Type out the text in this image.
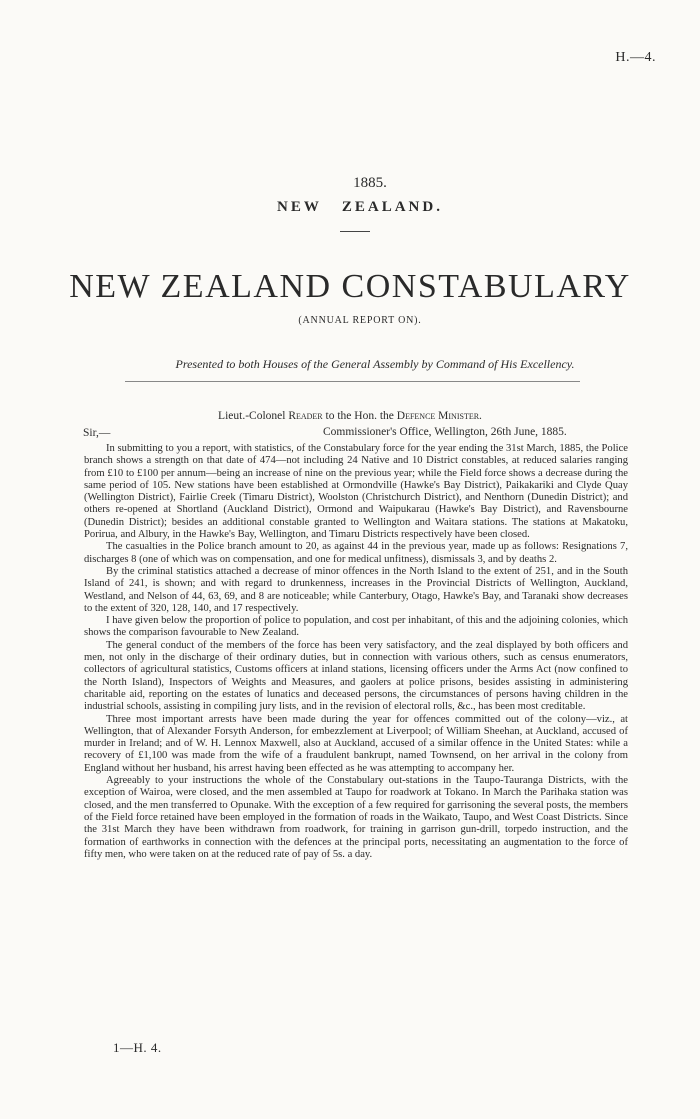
H.—4.
1885.
NEW   ZEALAND.
NEW ZEALAND CONSTABULARY
(ANNUAL REPORT ON).
Presented to both Houses of the General Assembly by Command of His Excellency.
Lieut.-Colonel Reader to the Hon. the Defence Minister.
Sir,—	Commissioner's Office, Wellington, 26th June, 1885.

In submitting to you a report, with statistics, of the Constabulary force for the year ending the 31st March, 1885, the Police branch shows a strength on that date of 474—not including 24 Native and 10 District constables, at reduced salaries ranging from £10 to £100 per annum—being an increase of nine on the previous year; while the Field force shows a decrease during the same period of 105. New stations have been established at Ormondville (Hawke's Bay District), Paikakariki and Clyde Quay (Wellington District), Fairlie Creek (Timaru District), Woolston (Christchurch District), and Nenthorn (Dunedin District); and others re-opened at Shortland (Auckland District), Ormond and Waipukarau (Hawke's Bay District), and Ravensbourne (Dunedin District); besides an additional constable granted to Wellington and Waitara stations. The stations at Makatoku, Porirua, and Albury, in the Hawke's Bay, Wellington, and Timaru Districts respectively have been closed.

The casualties in the Police branch amount to 20, as against 44 in the previous year, made up as follows: Resignations 7, discharges 8 (one of which was on compensation, and one for medical unfitness), dismissals 3, and by deaths 2.

By the criminal statistics attached a decrease of minor offences in the North Island to the extent of 251, and in the South Island of 241, is shown; and with regard to drunkenness, increases in the Provincial Districts of Wellington, Auckland, Westland, and Nelson of 44, 63, 69, and 8 are noticeable; while Canterbury, Otago, Hawke's Bay, and Taranaki show decreases to the extent of 320, 128, 140, and 17 respectively.

I have given below the proportion of police to population, and cost per inhabitant, of this and the adjoining colonies, which shows the comparison favourable to New Zealand.

The general conduct of the members of the force has been very satisfactory, and the zeal displayed by both officers and men, not only in the discharge of their ordinary duties, but in connection with various others, such as census enumerators, collectors of agricultural statistics, Customs officers at inland stations, licensing officers under the Arms Act (now confined to the North Island), Inspectors of Weights and Measures, and gaolers at police prisons, besides assisting in administering charitable aid, reporting on the estates of lunatics and deceased persons, the circumstances of persons having children in the industrial schools, assisting in compiling jury lists, and in the revision of electoral rolls, &c., has been most creditable.

Three most important arrests have been made during the year for offences committed out of the colony—viz., at Wellington, that of Alexander Forsyth Anderson, for embezzlement at Liverpool; of William Sheehan, at Auckland, accused of murder in Ireland; and of W. H. Lennox Maxwell, also at Auckland, accused of a similar offence in the United States: while a recovery of £1,100 was made from the wife of a fraudulent bankrupt, named Townsend, on her arrival in the colony from England without her husband, his arrest having been effected as he was attempting to accompany her.

Agreeably to your instructions the whole of the Constabulary out-stations in the Taupo-Tauranga Districts, with the exception of Wairoa, were closed, and the men assembled at Taupo for roadwork at Tokano. In March the Parihaka station was closed, and the men transferred to Opunake. With the exception of a few required for garrisoning the several posts, the members of the Field force retained have been employed in the formation of roads in the Waikato, Taupo, and West Coast Districts. Since the 31st March they have been withdrawn from roadwork, for training in garrison gun-drill, torpedo instruction, and the formation of earthworks in connection with the defences at the principal ports, necessitating an augmentation to the force of fifty men, who were taken on at the reduced rate of pay of 5s. a day.

1—H. 4.
